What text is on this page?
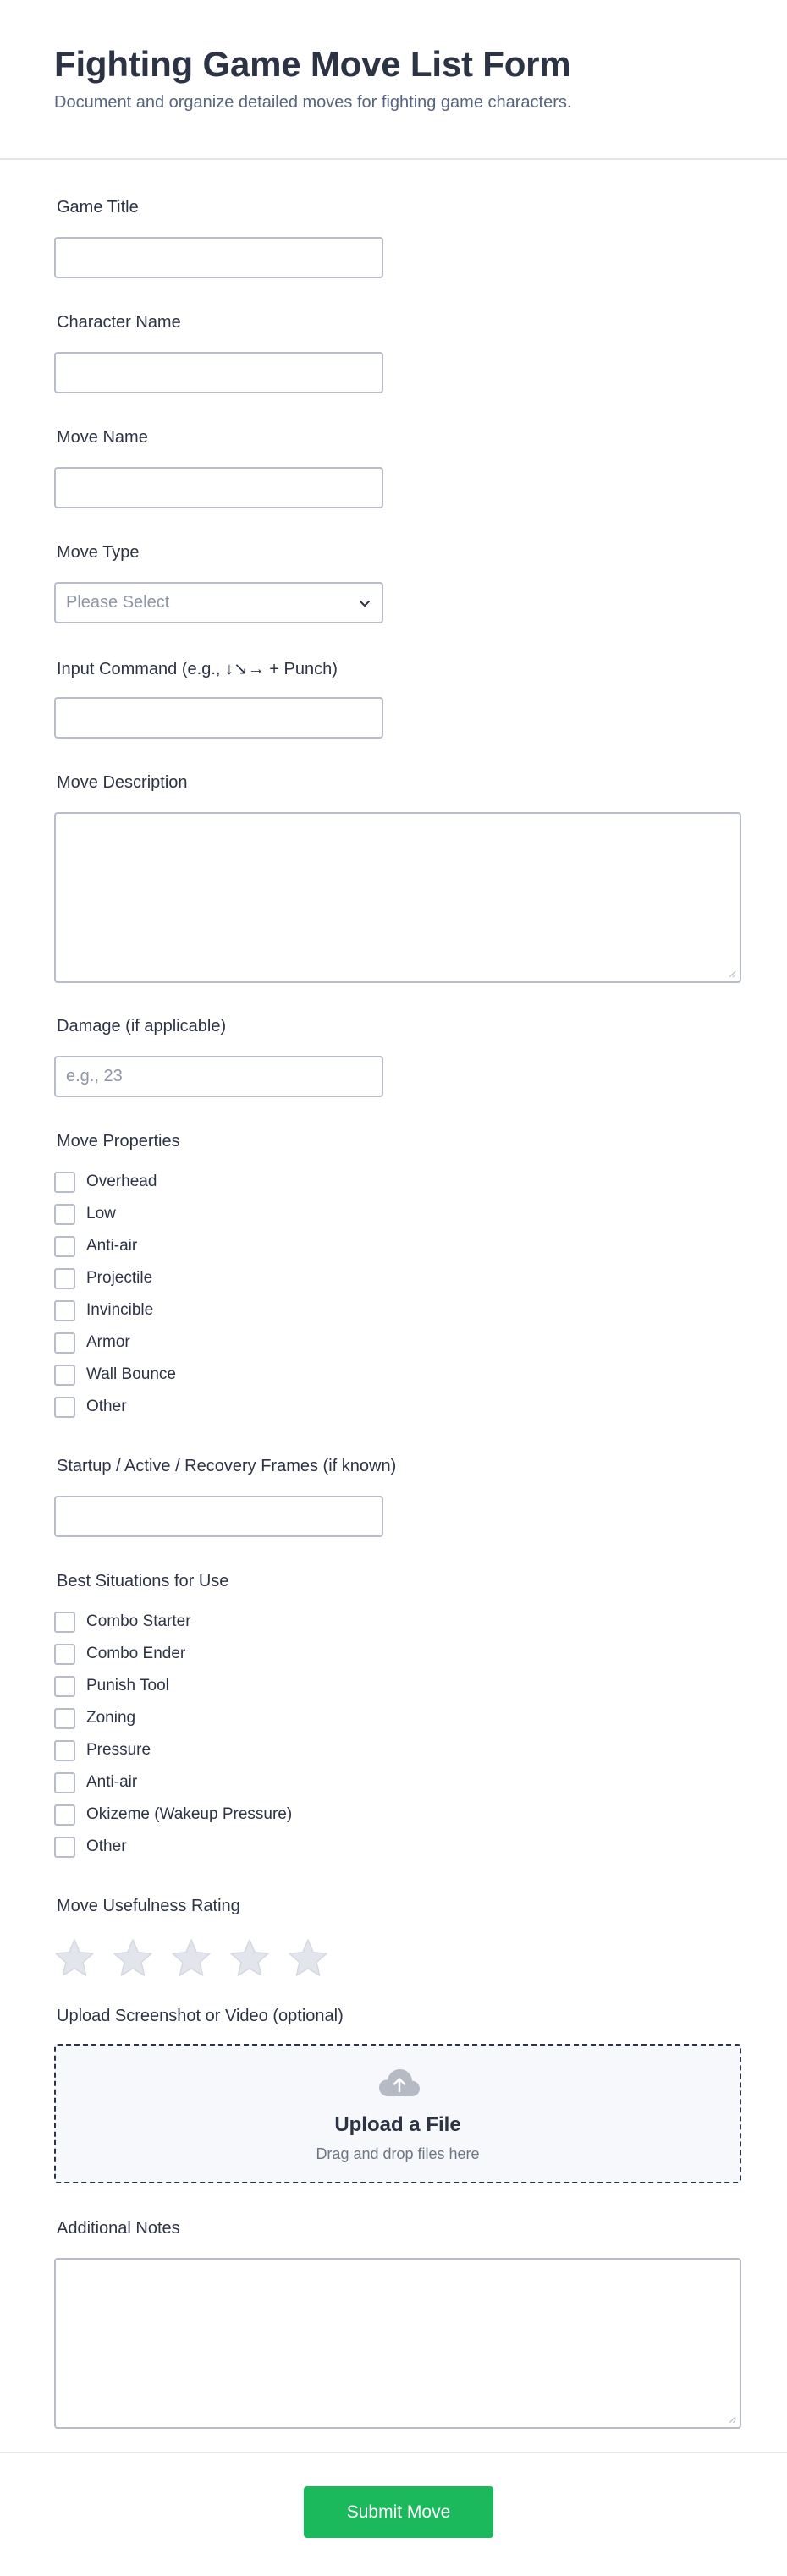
Fighting Game Move List Form

Document and organize detailed moves for fighting game characters.

Game Title
Character Name
Move Name
Move Type
Please Select
Input Command (e.g., ↓↘→ + Punch)
Move Description
Damage (if applicable)
e.g., 23
Move Properties
Overhead
Low
Anti-air
Projectile
Invincible
Armor
Wall Bounce
Other
Startup / Active / Recovery Frames (if known)
Best Situations for Use
Combo Starter
Combo Ender
Punish Tool
Zoning
Pressure
Anti-air
Okizeme (Wakeup Pressure)
Other
Move Usefulness Rating
Upload Screenshot or Video (optional)
Additional Notes
Upload a File
Drag and drop files here
Submit Move
